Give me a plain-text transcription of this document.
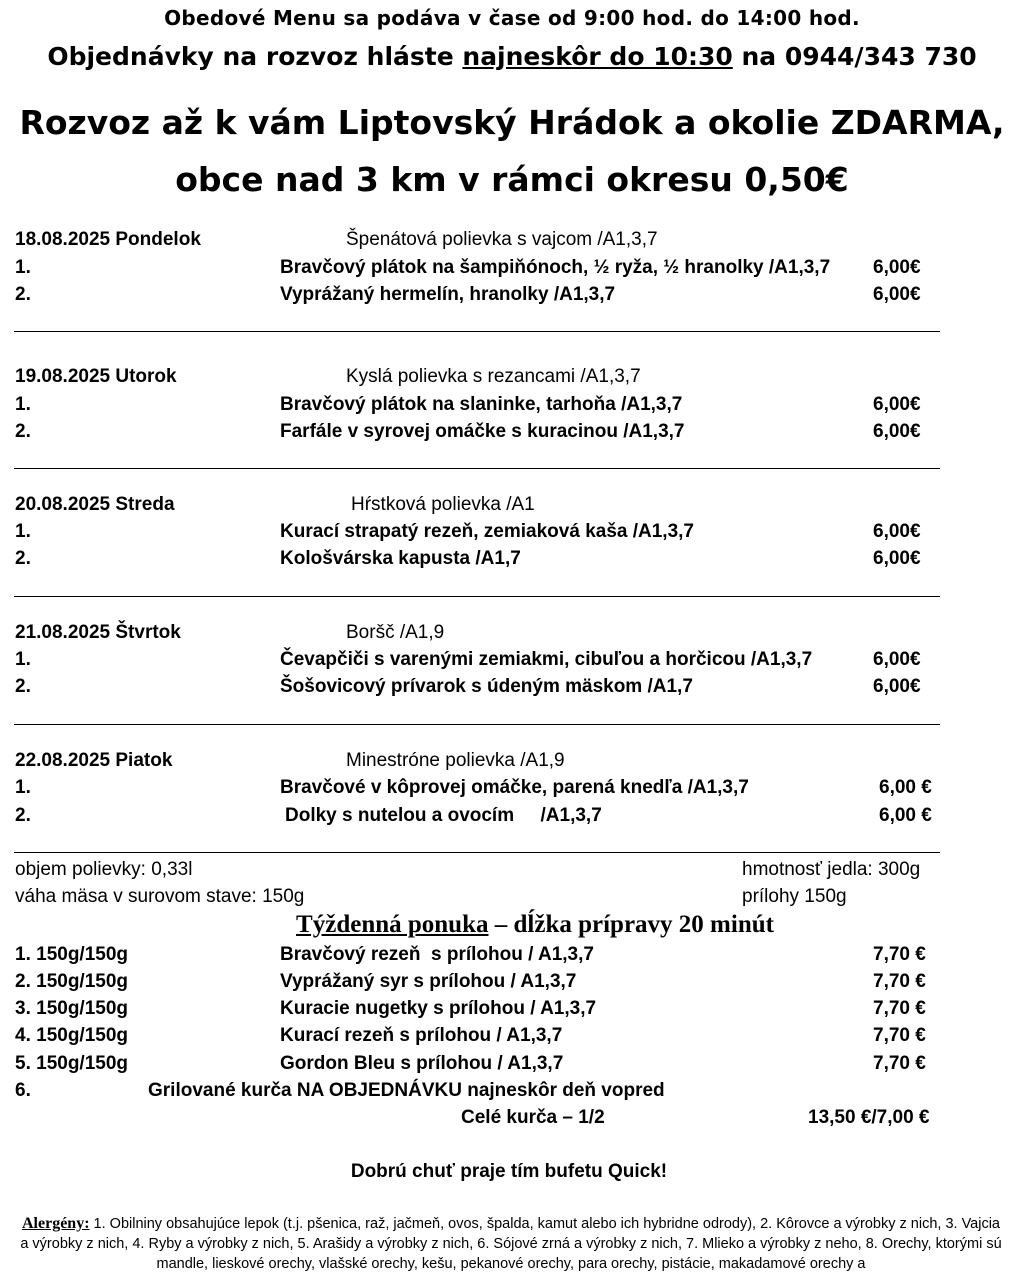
Obedové Menu sa podáva v čase od 9:00 hod. do 14:00 hod.
Objednávky na rozvoz hláste najneskôr do 10:30 na 0944/343 730
Rozvoz až k vám Liptovský Hrádok a okolie ZDARMA,
obce nad 3 km v rámci okresu 0,50€
18.08.2025 Pondelok	Špenátová polievka s vajcom /A1,3,7
1.	Bravčový plátok na šampiňónoch, ½ ryža, ½ hranolky /A1,3,7 6,00€
2.	Vyprážaný hermelín, hranolky /A1,3,7	6,00€
19.08.2025 Utorok	Kyslá polievka s rezancami /A1,3,7
1.	Bravčový plátok na slaninke, tarhoňa /A1,3,7	6,00€
2.	Farfále v syrovej omáčke s kuracinou /A1,3,7	6,00€
20.08.2025 Streda	Hŕstková polievka /A1
1.	Kurací strapatý rezeň, zemiaková kaša /A1,3,7	6,00€
2.	Kološvárska kapusta /A1,7	6,00€
21.08.2025 Štvrtok	Boršč /A1,9
1.	Čevapčiči s varenými zemiakmi, cibuľou a horčicou /A1,3,7	6,00€
2.	Šošovicový prívarok s údeným mäskom /A1,7	6,00€
22.08.2025 Piatok	Minestróne polievka /A1,9
1.	Bravčové v kôprovej omáčke, parená knedľa /A1,3,7	6,00 €
2.	Dolky s nutelou a ovocím     /A1,3,7	6,00 €
objem polievky: 0,33l
váha mäsa v surovom stave: 150g
hmotnosť jedla: 300g
prílohy 150g
Týždenná ponuka – dĺžka prípravy 20 minút
1. 150g/150g	Bravčový rezeň  s prílohou / A1,3,7	7,70 €
2. 150g/150g	Vyprážaný syr s prílohou / A1,3,7	7,70 €
3. 150g/150g	Kuracie nugetky s prílohou / A1,3,7	7,70 €
4. 150g/150g	Kurací rezeň s prílohou / A1,3,7	7,70 €
5. 150g/150g	Gordon Bleu s prílohou / A1,3,7	7,70 €
6.	Grilované kurča NA OBJEDNÁVKU najneskôr deň vopred
Celé kurča – 1/2	13,50 €/7,00 €
Dobrú chuť praje tím bufetu Quick!
Alergény: 1. Obilniny obsahujúce lepok (t.j. pšenica, raž, jačmeň, ovos, špalda, kamut alebo ich hybridne odrody), 2. Kôrovce a výrobky z nich, 3. Vajcia a výrobky z nich, 4. Ryby a výrobky z nich, 5. Arašidy a výrobky z nich, 6. Sójové zrná a výrobky z nich, 7. Mlieko a výrobky z neho, 8. Orechy, ktorými sú mandle, lieskové orechy, vlašské orechy, kešu, pekanové orechy, para orechy, pistácie, makadamové orechy a
